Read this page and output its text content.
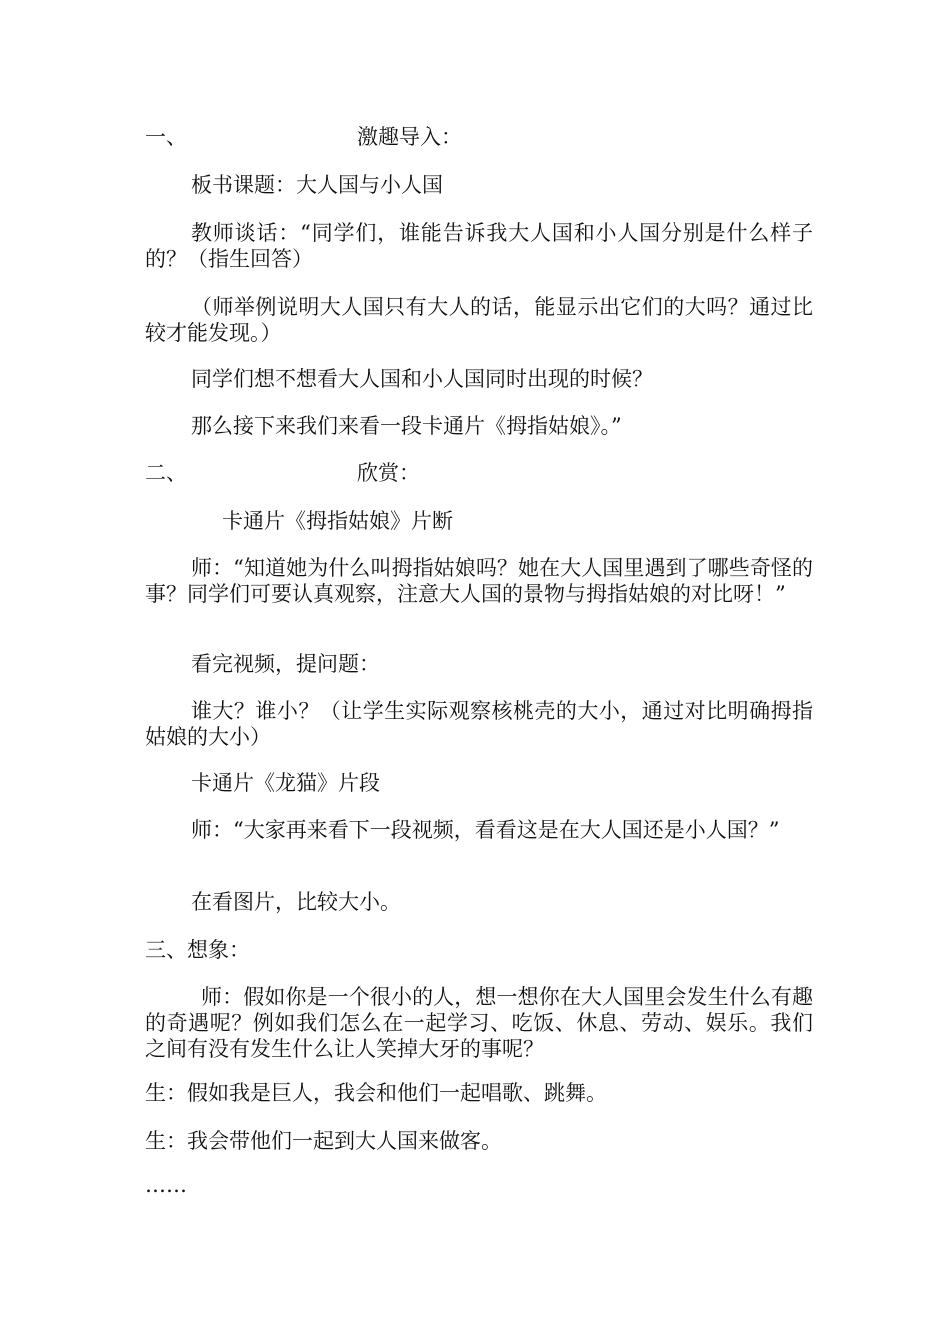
一、	激趣导入：
板书课题：大人国与小人国
教师谈话：“同学们，谁能告诉我大人国和小人国分别是什么样子的？（指生回答）
（师举例说明大人国只有大人的话，能显示出它们的大吗？通过比较才能发现。）
同学们想不想看大人国和小人国同时出现的时候？
那么接下来我们来看一段卡通片《拇指姑娘》。”
二、	欣赏：
卡通片《拇指姑娘》片断
师：“知道她为什么叫拇指姑娘吗？她在大人国里遇到了哪些奇怪的事？同学们可要认真观察，注意大人国的景物与拇指姑娘的对比呀！”
看完视频，提问题：
谁大？谁小？（让学生实际观察核桃壳的大小，通过对比明确拇指姑娘的大小）
卡通片《龙猫》片段
师：“大家再来看下一段视频，看看这是在大人国还是小人国？”
在看图片，比较大小。
三、想象：
师：假如你是一个很小的人，想一想你在大人国里会发生什么有趣的奇遇呢？例如我们怎么在一起学习、吃饭、休息、劳动、娱乐。我们之间有没有发生什么让人笑掉大牙的事呢？
生：假如我是巨人，我会和他们一起唱歌、跳舞。
生：我会带他们一起到大人国来做客。
……
